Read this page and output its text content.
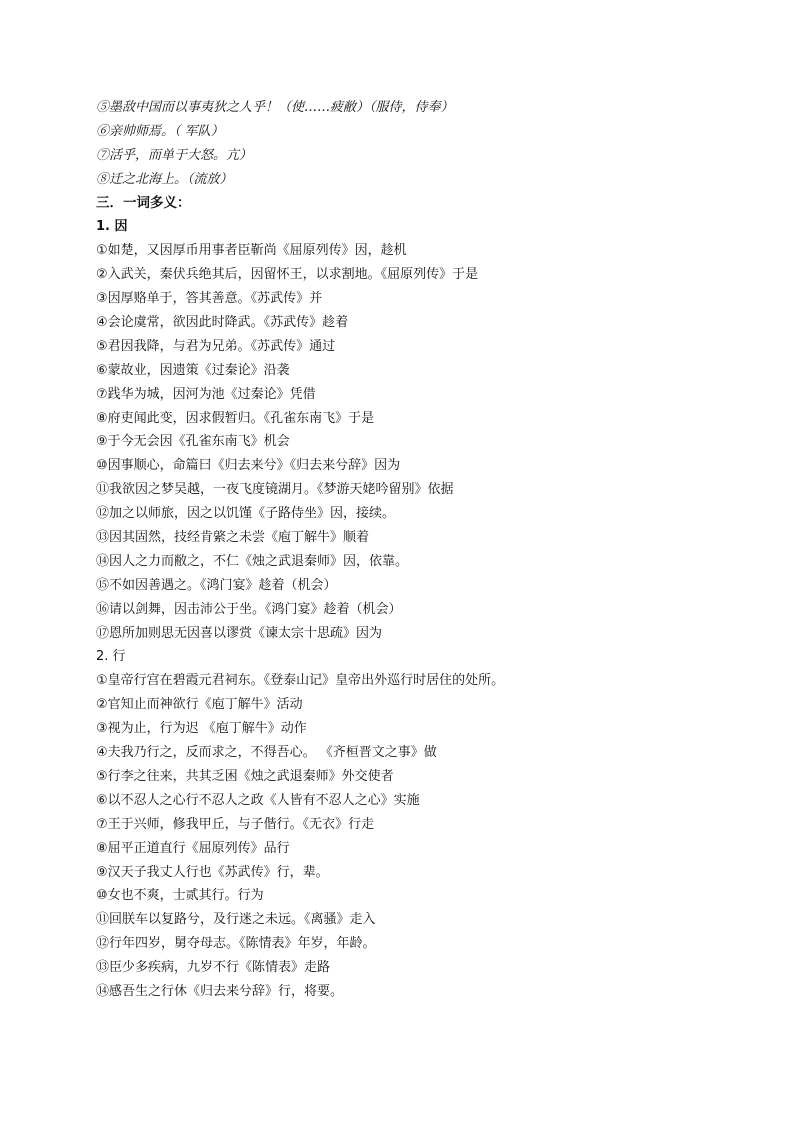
⑤墨敌中国而以事夷狄之人乎！（使……疲敝）（服侍，侍奉）
⑥亲帅师焉。（ 军队）
⑦活乎，而单于大怒。亢）
⑧迁之北海上。（流放）
三．一词多义：
1. 因
①如楚，又因厚币用事者臣靳尚《屈原列传》因，趁机
②入武关，秦伏兵绝其后，因留怀王，以求割地。《屈原列传》于是
③因厚赂单于，答其善意。《苏武传》并
④会论虞常，欲因此时降武。《苏武传》趁着
⑤君因我降，与君为兄弟。《苏武传》通过
⑥蒙故业，因遗策《过秦论》沿袭
⑦践华为城，因河为池《过秦论》凭借
⑧府吏闻此变，因求假暂归。《孔雀东南飞》于是
⑨于今无会因《孔雀东南飞》机会
⑩因事顺心，命篇曰《归去来兮》《归去来兮辞》因为
⑪我欲因之梦吴越，一夜飞度镜湖月。《梦游天姥吟留别》依据
⑫加之以师旅，因之以饥馑《子路侍坐》因，接续。
⑬因其固然，技经肯綮之未尝《庖丁解牛》顺着
⑭因人之力而敝之，不仁《烛之武退秦师》因，依靠。
⑮不如因善遇之。《鸿门宴》趁着（机会）
⑯请以剑舞，因击沛公于坐。《鸿门宴》趁着（机会）
⑰恩所加则思无因喜以谬赏《谏太宗十思疏》因为
2. 行
①皇帝行宫在碧霞元君祠东。《登泰山记》皇帝出外巡行时居住的处所。
②官知止而神欲行《庖丁解牛》活动
③视为止，行为迟 《庖丁解牛》动作
④夫我乃行之，反而求之，不得吾心。 《齐桓晋文之事》做
⑤行李之往来，共其乏困《烛之武退秦师》外交使者
⑥以不忍人之心行不忍人之政《人皆有不忍人之心》实施
⑦王于兴师，修我甲丘，与子偕行。《无衣》行走
⑧屈平正道直行《屈原列传》品行
⑨汉天子我丈人行也《苏武传》行，辈。
⑩女也不爽，士贰其行。行为
⑪回朕车以复路兮，及行迷之未远。《离骚》走入
⑫行年四岁，舅夺母志。《陈情表》年岁，年龄。
⑬臣少多疾病，九岁不行《陈情表》走路
⑭感吾生之行休《归去来兮辞》行，将要。
